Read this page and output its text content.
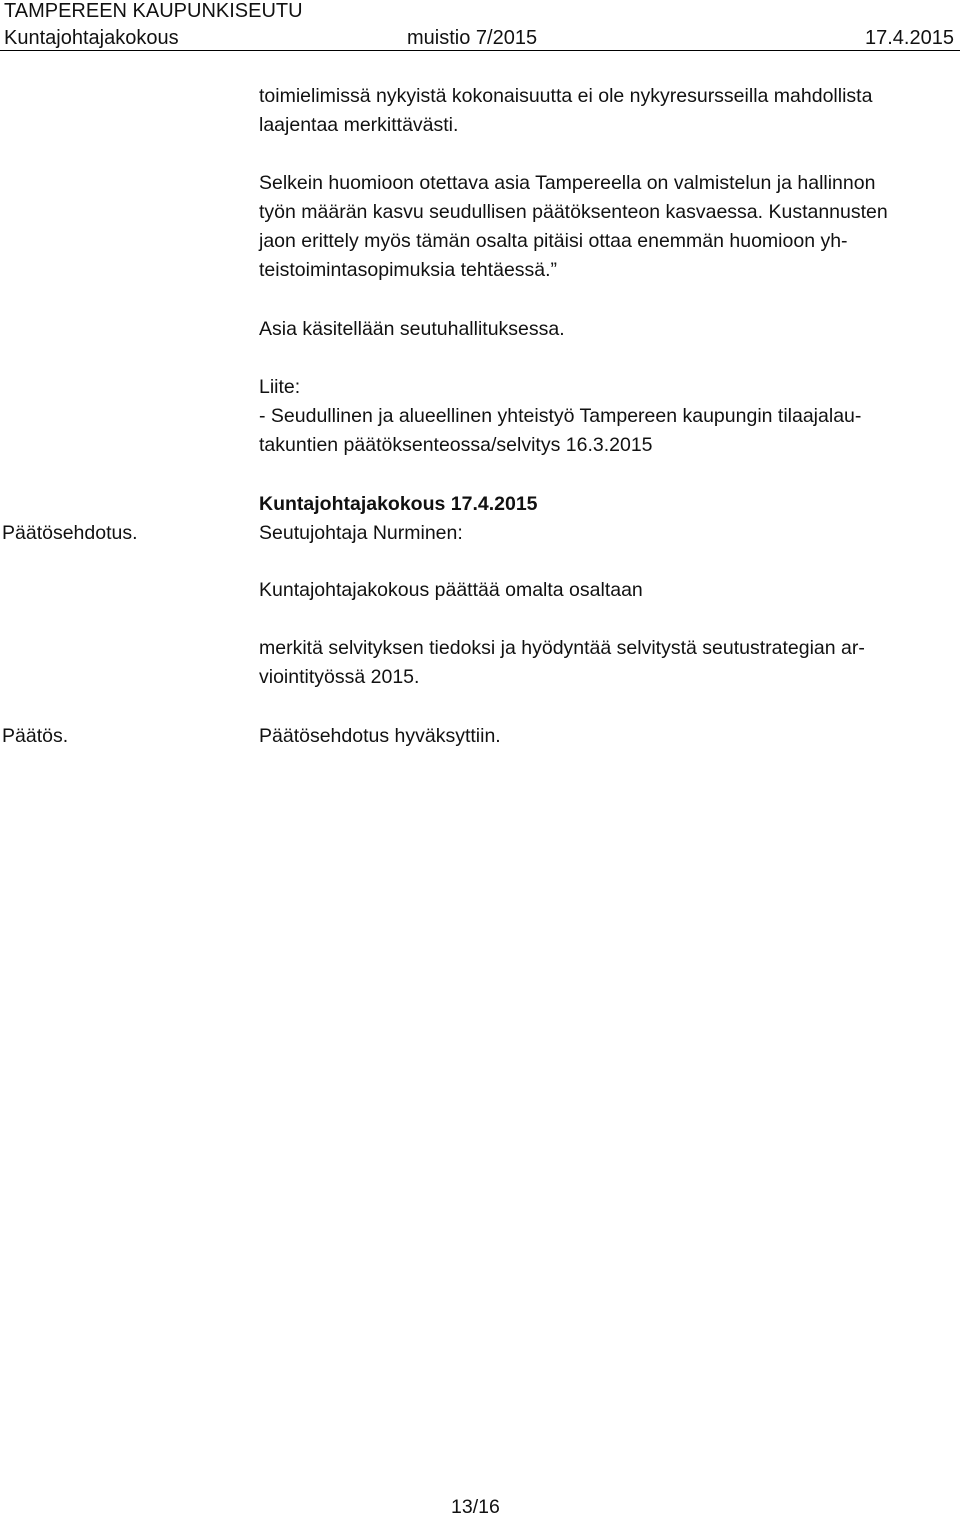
TAMPEREEN KAUPUNKISEUTU
Kuntajohtajakokous	muistio 7/2015	17.4.2015
toimielimissä nykyistä kokonaisuutta ei ole nykyresursseilla mahdollista
laajentaa merkittävästi.
Selkein huomioon otettava asia Tampereella on valmistelun ja hallinnon
työn määrän kasvu seudullisen päätöksenteon kasvaessa. Kustannusten
jaon erittely myös tämän osalta pitäisi ottaa enemmän huomioon yh-
teistoimintasopimuksia tehtäessä.”
Asia käsitellään seutuhallituksessa.
Liite:
- Seudullinen ja alueellinen yhteistyö Tampereen kaupungin tilaajalau-
takuntien päätöksenteossa/selvitys 16.3.2015
Kuntajohtajakokous 17.4.2015
Päätösehdotus.	Seutujohtaja Nurminen:
Kuntajohtajakokous päättää omalta osaltaan
merkitä selvityksen tiedoksi ja hyödyntää selvitystä seutustrategian ar-
viointityössä 2015.
Päätös.	Päätösehdotus hyväksyttiin.
13/16
